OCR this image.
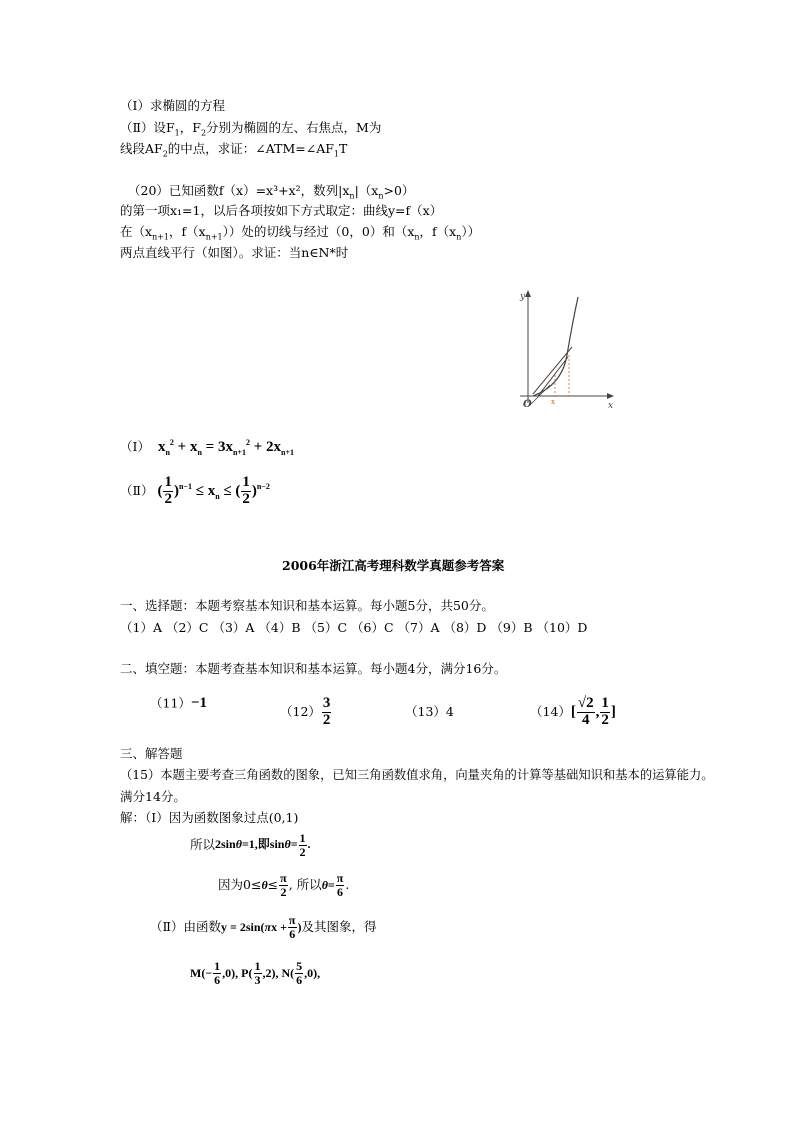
（Ⅰ）求椭圆的方程
（Ⅱ）设$F_1$，$F_2$分别为椭圆的左、右焦点，M为
线段$AF_2$的中点，求证：$\angle ATM=\angle AF_1T$
（20）已知函数f（x）=x³+x²，数列$|x_n|(x_n>0)$
的第一项x₁=1，以后各项按如下方式取定：曲线y=f（x）
在（$x_{n+1}$，$f(x_{n+1})$）处的切线与经过（0，0）和（$x_n$，$f(x_n)$）
两点直线平行（如图）。求证：当n∈N*时
y
x
O	x
（Ⅰ） $x_n^2 + x_n = 3x_{n+1}^2 + 2x_{n+1}$
（Ⅱ） ( $\frac{1}{2} )^{n-1} \le x_n$ ≤ ( $\frac{1}{2} )^{n-2}$
2006年浙江高考理科数学真题参考答案
一、选择题：本题考察基本知识和基本运算。每小题5分，共50分。
（1）A （2）C （3）A （4）B （5）C （6）C （7）A （8）D （9）B （10）D
二、填空题：本题考查基本知识和基本运算。每小题4分，满分16分。
（11）−1
$(12) \frac{3}{2}$	（13）4	$(14)[ \frac{√2}{4}$ , $\frac{1}{2}$ ]
三、解答题
（15）本题主要考查三角函数的图象，已知三角函数值求角，向量夹角的计算等基础知识和基本的运算能力。
满分14分。
解：（Ⅰ）因为函数图象过点(0,1)
所以2sinθ=1,即$\sin\theta= \frac{1}{2}$ .
因为$0\le\theta\le \frac{\pi}{2}$ , 所以$\theta= \frac{\pi}{6}$ .
（Ⅱ）由函数$y = 2\sin(\pi x + \frac{\pi}{6}$ )及其图象，得
$M(- \frac{1}{6} ,0)$, $P( \frac{1}{3} ,2)$, $N( \frac{5}{6} ,0)$,
